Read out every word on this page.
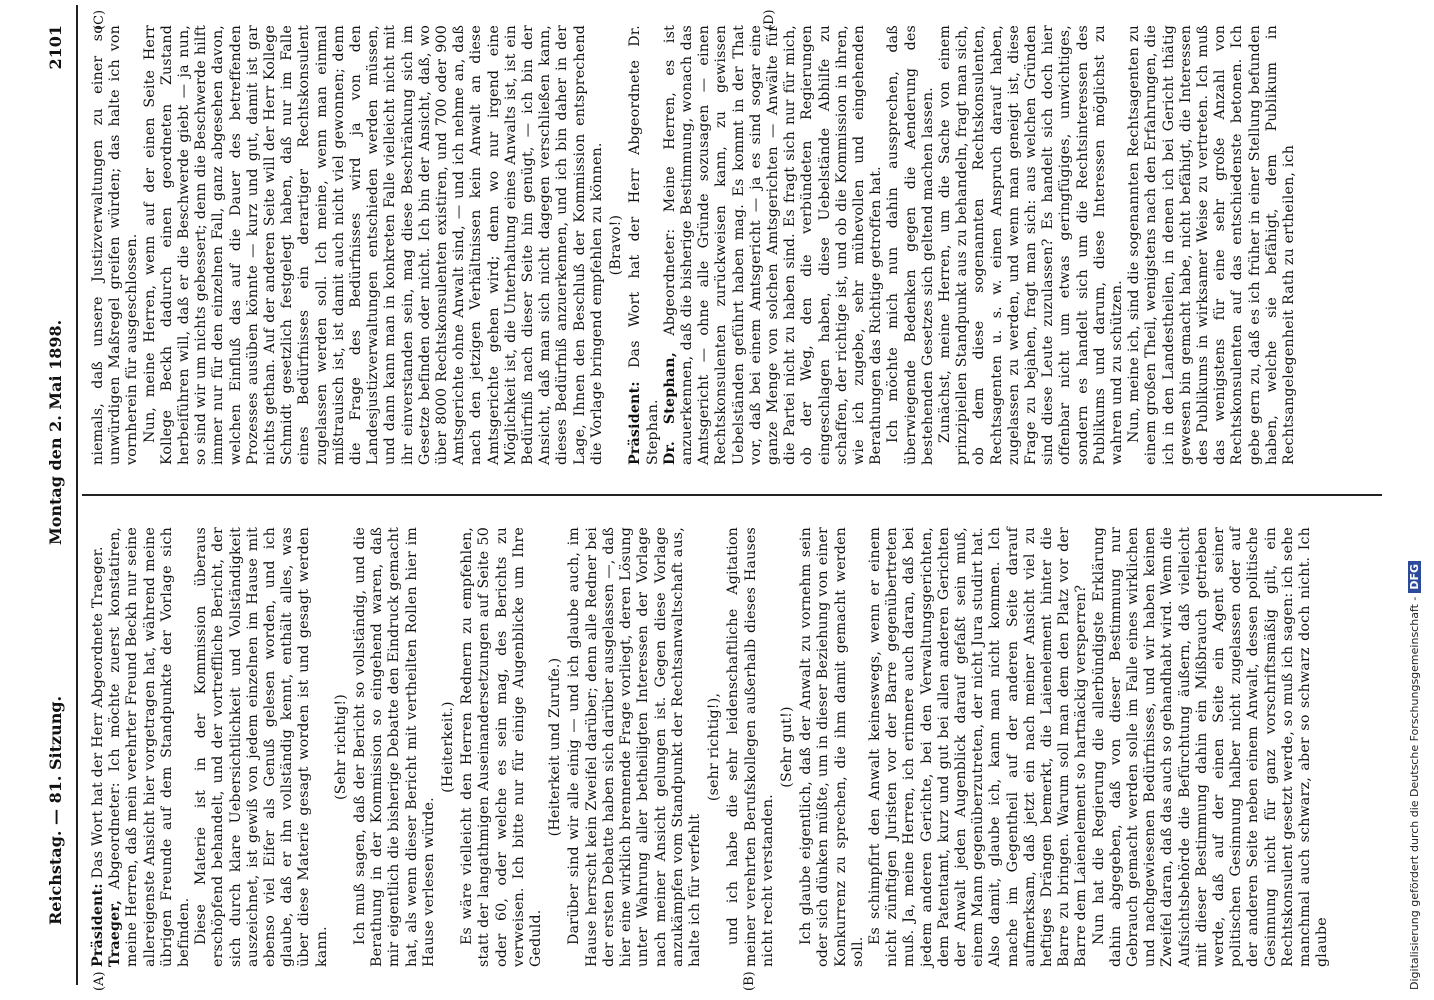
Reichstag. — 81. Sitzung.
Montag den 2. Mai 1898.
2101
(A)	(B)
(C)	(D)

Präsident: Das Wort hat der Herr Abgeordnete Traeger.

Traeger, Abgeordneter: Ich möchte zuerst konstatiren, meine Herren, daß mein verehrter Freund Beckh nur seine allereigenste Ansicht hier vorgetragen hat, während meine übrigen Freunde auf dem Standpunkte der Vorlage sich befinden. Diese Materie ist in der Kommission überaus erschöpfend behandelt, und der vortreffliche Bericht, der sich durch klare Uebersichtlichkeit und Vollständigkeit auszeichnet, ist gewiß von jedem einzelnen im Hause mit ebenso viel Eifer als Genuß gelesen worden, und ich glaube, daß er ihn vollständig kennt, enthält alles, was über diese Materie gesagt worden ist und gesagt werden kann.

(Sehr richtig!) Ich muß sagen, daß der Bericht so vollständig, und die Berathung in der Kommission so eingehend waren, daß mir eigentlich die bisherige Debatte den Eindruck gemacht hat, als wenn dieser Bericht mit vertheilten Rollen hier im Hause verlesen würde.

(Heiterkeit.) Es wäre vielleicht den Herren Rednern zu empfehlen, statt der langathmigen Auseinandersetzungen auf Seite 50 oder 60, oder welche es sein mag, des Berichts zu verweisen. Ich bitte nur für einige Augenblicke um Ihre Geduld.

(Heiterkeit und Zurufe.) Darüber sind wir alle einig — und ich glaube auch, im Hause herrscht kein Zweifel darüber; denn alle Redner bei der ersten Debatte haben sich darüber ausgelassen —, daß hier eine wirklich brennende Frage vorliegt, deren Lösung unter Wahrung aller betheiligten Interessen der Vorlage nach meiner Ansicht gelungen ist. Gegen diese Vorlage anzukämpfen vom Standpunkt der Rechtsanwaltschaft aus, halte ich für verfehlt

(sehr richtig!), und ich habe die sehr leidenschaftliche Agitation meiner verehrten Berufskollegen außerhalb dieses Hauses nicht recht verstanden.

(Sehr gut!) Ich glaube eigentlich, daß der Anwalt zu vornehm sein oder sich dünken müßte, um in dieser Beziehung von einer Konkurrenz zu sprechen, die ihm damit gemacht werden soll.

Es schimpfirt den Anwalt keineswegs, wenn er einem nicht zünftigen Juristen vor der Barre gegenübertreten muß. Ja, meine Herren, ich erinnere auch daran, daß bei jedem anderen Gerichte, bei den Verwaltungsgerichten, dem Patentamt, kurz und gut bei allen anderen Gerichten der Anwalt jeden Augenblick darauf gefaßt sein muß, einem Mann gegenüberzutreten, der nicht Jura studirt hat. Also damit, glaube ich, kann man nicht kommen. Ich mache im Gegentheil auf der anderen Seite darauf aufmerksam, daß jetzt ein nach meiner Ansicht viel zu heftiges Drängen bemerkt, die Laienelement hinter die Barre zu bringen. Warum soll man dem den Platz vor der Barre dem Laienelement so hartnäckig versperren? Nun hat die Regierung die allerbündigste Erklärung dahin abgegeben, daß von dieser Bestimmung nur Gebrauch gemacht werden solle im Falle eines wirklichen und nachgewiesenen Bedürfnisses, und wir haben keinen Zweifel daran, daß das auch so gehandhabt wird. Wenn die Aufsichtsbehörde die Befürchtung äußern, daß vielleicht mit dieser Bestimmung dahin ein Mißbrauch getrieben werde, daß auf der einen Seite ein Agent seiner politischen Gesinnung halber nicht zugelassen oder auf der anderen Seite neben einem Anwalt, dessen politische Gesinnung nicht für ganz vorschriftsmäßig gilt, ein Rechtskonsulent gesetzt werde, so muß ich sagen: ich sehe manchmal auch schwarz, aber so schwarz doch nicht. Ich glaube

niemals, daß unsere Justizverwaltungen zu einer so unwürdigen Maßregel greifen würden; das halte ich von vornherein für ausgeschlossen. Nun, meine Herren, wenn auf der einen Seite Herr Kollege Beckh dadurch einen geordneten Zustand herbeiführen will, daß er die Beschwerde giebt — ja nun, so sind wir um nichts gebessert; denn die Beschwerde hilft immer nur für den einzelnen Fall, ganz abgesehen davon, welchen Einfluß das auf die Dauer des betreffenden Prozesses ausüben könnte — kurz und gut, damit ist gar nichts gethan. Auf der anderen Seite will der Herr Kollege Schmidt gesetzlich festgelegt haben, daß nur im Falle eines Bedürfnisses ein derartiger Rechtskonsulent zugelassen werden soll. Ich meine, wenn man einmal mißtrauisch ist, ist damit auch nicht viel gewonnen; denn die Frage des Bedürfnisses wird ja von den Landesjustizverwaltungen entschieden werden müssen, und dann kann man in konkreten Falle vielleicht nicht mit ihr einverstanden sein, mag diese Beschränkung sich im Gesetze befinden oder nicht. Ich bin der Ansicht, daß, wo über 8000 Rechtskonsulenten existiren, und 700 oder 900 Amtsgerichte ohne Anwalt sind, — und ich nehme an, daß nach den jetzigen Verhältnissen kein Anwalt an diese Amtsgerichte gehen wird; denn wo nur irgend eine Möglichkeit ist, die Unterhaltung eines Anwalts ist, ist ein Bedürfniß nach dieser Seite hin genügt, — ich bin der Ansicht, daß man sich nicht dagegen verschließen kann, dieses Bedürfniß anzuerkennen, und ich bin daher in der Lage, Ihnen den Beschluß der Kommission entsprechend die Vorlage bringend empfehlen zu können. (Bravo!)

Präsident: Das Wort hat der Herr Abgeordnete Dr. Stephan. Dr. Stephan, Abgeordneter: Meine Herren, es ist anzuerkennen, daß die bisherige Bestimmung, wonach das Amtsgericht — ohne alle Gründe sozusagen — einen Rechtskonsulenten zurückweisen kann, zu gewissen Uebelständen geführt haben mag. Es kommt in der That vor, daß bei einem Amtsgericht — ja es sind sogar eine ganze Menge von solchen Amtsgerichten — Anwälte für die Partei nicht zu haben sind. Es fragt sich nur für mich, ob der Weg, den die verbündeten Regierungen eingeschlagen haben, diese Uebelstände Abhilfe zu schaffen, der richtige ist, und ob die Kommission in ihren, wie ich zugebe, sehr mühevollen und eingehenden Berathungen das Richtige getroffen hat. Ich möchte mich nun dahin aussprechen, daß überwiegende Bedenken gegen die Aenderung des bestehenden Gesetzes sich geltend machen lassen. Zunächst, meine Herren, um die Sache von einem prinzipiellen Standpunkt aus zu behandeln, fragt man sich, ob dem diese sogenannten Rechtskonsulenten, Rechtsagenten u. s. w. einen Anspruch darauf haben, zugelassen zu werden, und wenn man geneigt ist, diese Frage zu bejahen, fragt man sich: aus welchen Gründen sind diese Leute zuzulassen? Es handelt sich doch hier offenbar nicht um etwas geringfügiges, unwichtiges, sondern es handelt sich um die Rechtsinteressen des Publikums und darum, diese Interessen möglichst zu wahren und zu schützen. Nun, meine ich, sind die sogenannten Rechtsagenten zu einem großen Theil, wenigstens nach den Erfahrungen, die ich in den Landestheilen, in denen ich bei Gericht thätig gewesen bin gemacht habe, nicht befähigt, die Interessen des Publikums in wirksamer Weise zu vertreten. Ich muß das wenigstens für eine sehr große Anzahl von Rechtskonsulenten auf das entschiedenste betonen. Ich gebe gern zu, daß es ich früher in einer Stellung befunden haben, welche sie befähigt, dem Publikum in Rechtsangelegenheit Rath zu ertheilen, ich

Digitalisierung gefördert durch die Deutsche Forschungsgemeinschaft -DFG
